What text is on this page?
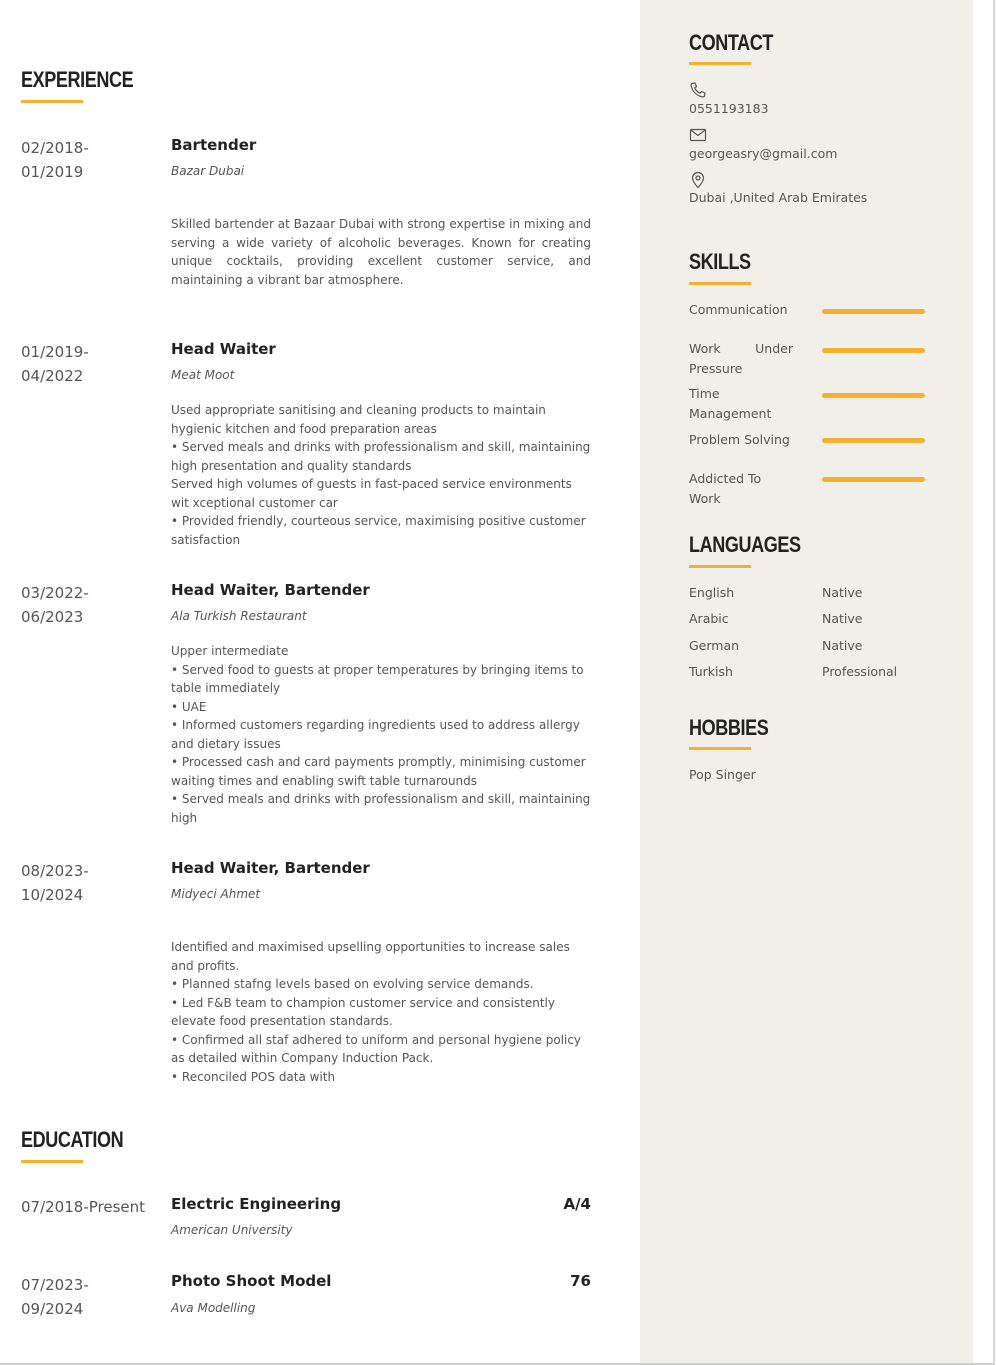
EXPERIENCE
02/2018-
01/2019
Bartender
Bazar Dubai

Skilled bartender at Bazaar Dubai with strong expertise in mixing and serving a wide variety of alcoholic beverages. Known for creating unique cocktails, providing excellent customer service, and maintaining a vibrant bar atmosphere.

01/2019-
04/2022
Head Waiter
Meat Moot

Used appropriate sanitising and cleaning products to maintain hygienic kitchen and food preparation areas
• Served meals and drinks with professionalism and skill, maintaining high presentation and quality standards
Served high volumes of guests in fast-paced service environments wit xceptional customer car
• Provided friendly, courteous service, maximising positive customer satisfaction

03/2022-
06/2023
Head Waiter, Bartender
Ala Turkish Restaurant

Upper intermediate
• Served food to guests at proper temperatures by bringing items to table immediately
• UAE
• Informed customers regarding ingredients used to address allergy and dietary issues
• Processed cash and card payments promptly, minimising customer waiting times and enabling swift table turnarounds
• Served meals and drinks with professionalism and skill, maintaining high

08/2023-
10/2024
Head Waiter, Bartender
Midyeci Ahmet

Identified and maximised upselling opportunities to increase sales and profits.
• Planned stafng levels based on evolving service demands.
• Led F&B team to champion customer service and consistently elevate food presentation standards.
• Confirmed all staf adhered to uniform and personal hygiene policy as detailed within Company Induction Pack.
• Reconciled POS data with

EDUCATION
07/2018-Present	Electric Engineering	A/4
American University
07/2023-
09/2024
Photo Shoot Model	76
Ava Modelling
CONTACT
0551193183
georgeasry@gmail.com
Dubai ,United Arab Emirates
SKILLS
Communication
Work Under Pressure
Time Management
Problem Solving
Addicted To Work
LANGUAGES
English	Native
Arabic	Native
German	Native
Turkish	Professional
HOBBIES
Pop Singer
